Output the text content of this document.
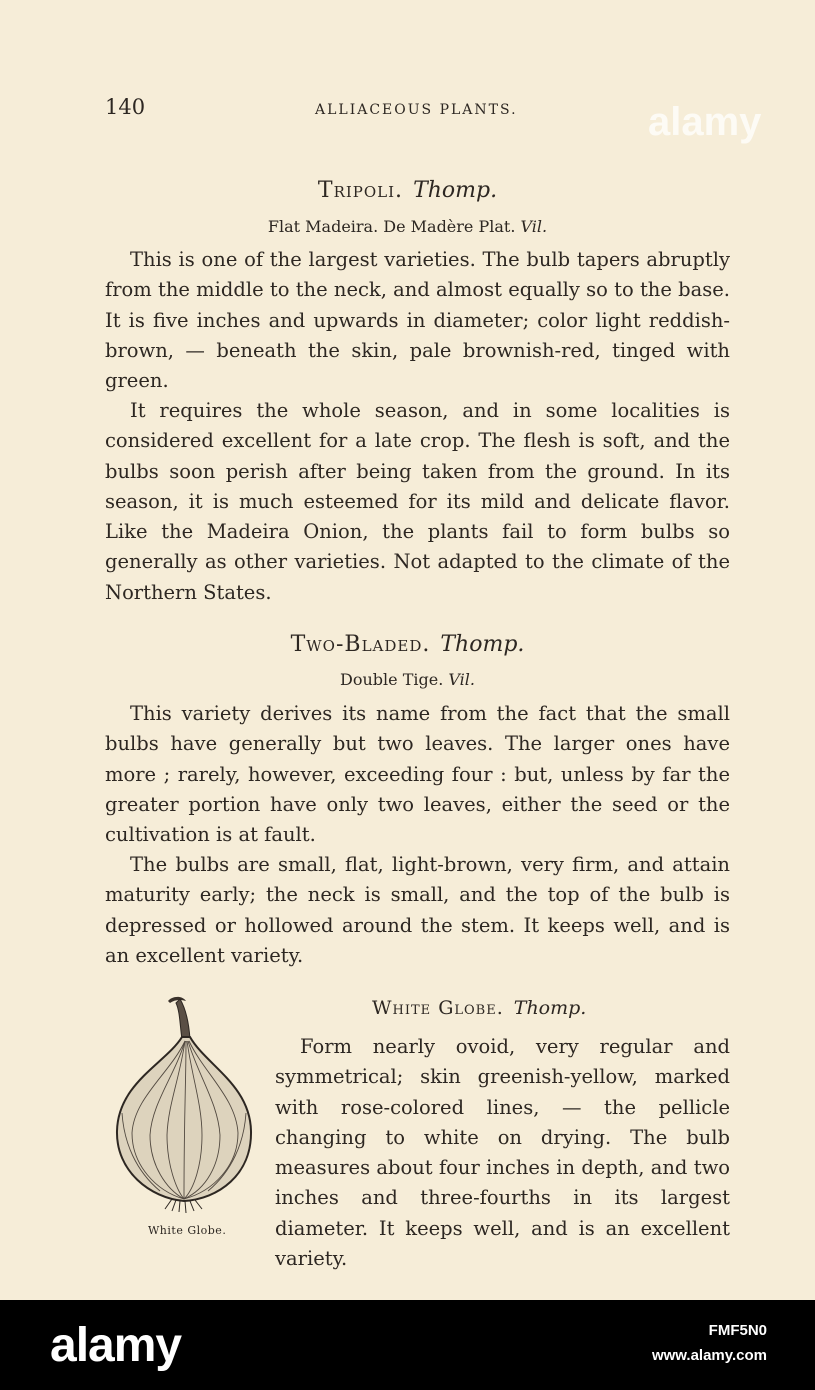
140	ALLIACEOUS PLANTS.
Tripoli. Thomp.
Flat Madeira. De Madère Plat. Vil.

This is one of the largest varieties. The bulb tapers abruptly from the middle to the neck, and almost equally so to the base. It is five inches and upwards in diameter; color light reddish-brown, — beneath the skin, pale brownish-red, tinged with green.

It requires the whole season, and in some localities is considered excellent for a late crop. The flesh is soft, and the bulbs soon perish after being taken from the ground. In its season, it is much esteemed for its mild and delicate flavor. Like the Madeira Onion, the plants fail to form bulbs so generally as other varieties. Not adapted to the climate of the Northern States.

Two-Bladed. Thomp.
Double Tige. Vil.

This variety derives its name from the fact that the small bulbs have generally but two leaves. The larger ones have more ; rarely, however, exceeding four : but, unless by far the greater portion have only two leaves, either the seed or the cultivation is at fault.

The bulbs are small, flat, light-brown, very firm, and attain maturity early; the neck is small, and the top of the bulb is depressed or hollowed around the stem. It keeps well, and is an excellent variety.

White Globe.
White Globe. Thomp.

Form nearly ovoid, very regular and symmetrical; skin greenish-yellow, marked with rose-colored lines, — the pellicle changing to white on drying. The bulb measures about four inches in depth, and two inches and three-fourths in its largest diameter. It keeps well, and is an excellent variety.

alamy
alamy	FMF5N0
www.alamy.com
